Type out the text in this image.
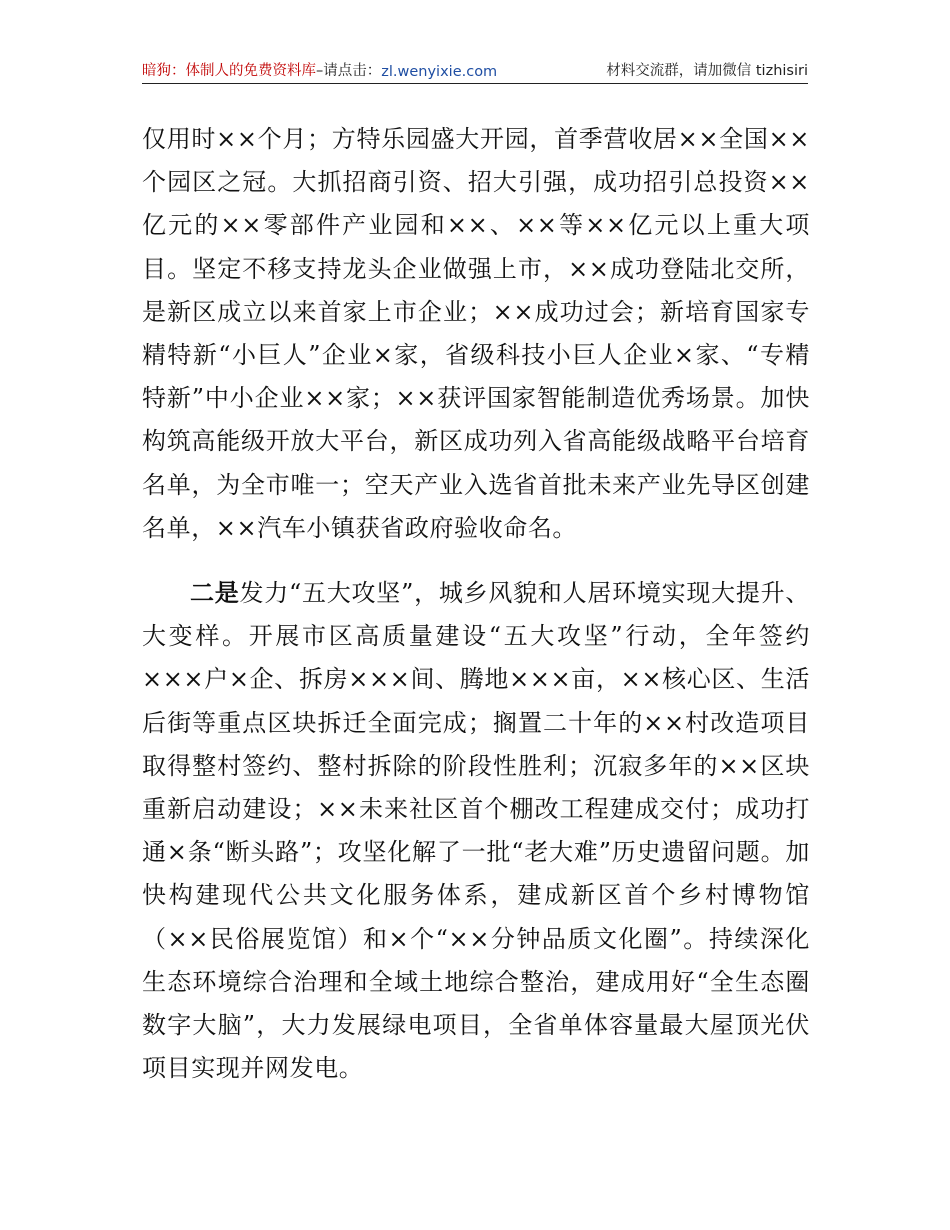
暗狗：体制人的免费资料库 –请点击： zl.wenyixie.com	材料交流群，请加微信 tizhisiri

仅用时××个月；方特乐园盛大开园，首季营收居××全国××个园区之冠。大抓招商引资、招大引强，成功招引总投资××亿元的××零部件产业园和××、××等××亿元以上重大项目。坚定不移支持龙头企业做强上市，××成功登陆北交所，是新区成立以来首家上市企业；××成功过会；新培育国家专精特新“小巨人”企业×家，省级科技小巨人企业×家、“专精特新”中小企业××家；××获评国家智能制造优秀场景。加快构筑高能级开放大平台，新区成功列入省高能级战略平台培育名单，为全市唯一；空天产业入选省首批未来产业先导区创建名单，××汽车小镇获省政府验收命名。

二是发力“五大攻坚”，城乡风貌和人居环境实现大提升、大变样。开展市区高质量建设“五大攻坚”行动，全年签约×××户×企、拆房×××间、腾地×××亩，××核心区、生活后街等重点区块拆迁全面完成；搁置二十年的××村改造项目取得整村签约、整村拆除的阶段性胜利；沉寂多年的××区块重新启动建设；××未来社区首个棚改工程建成交付；成功打通×条“断头路”；攻坚化解了一批“老大难”历史遗留问题。加快构建现代公共文化服务体系，建成新区首个乡村博物馆（××民俗展览馆）和×个“××分钟品质文化圈”。持续深化生态环境综合治理和全域土地综合整治，建成用好“全生态圈数字大脑”，大力发展绿电项目，全省单体容量最大屋顶光伏项目实现并网发电。
